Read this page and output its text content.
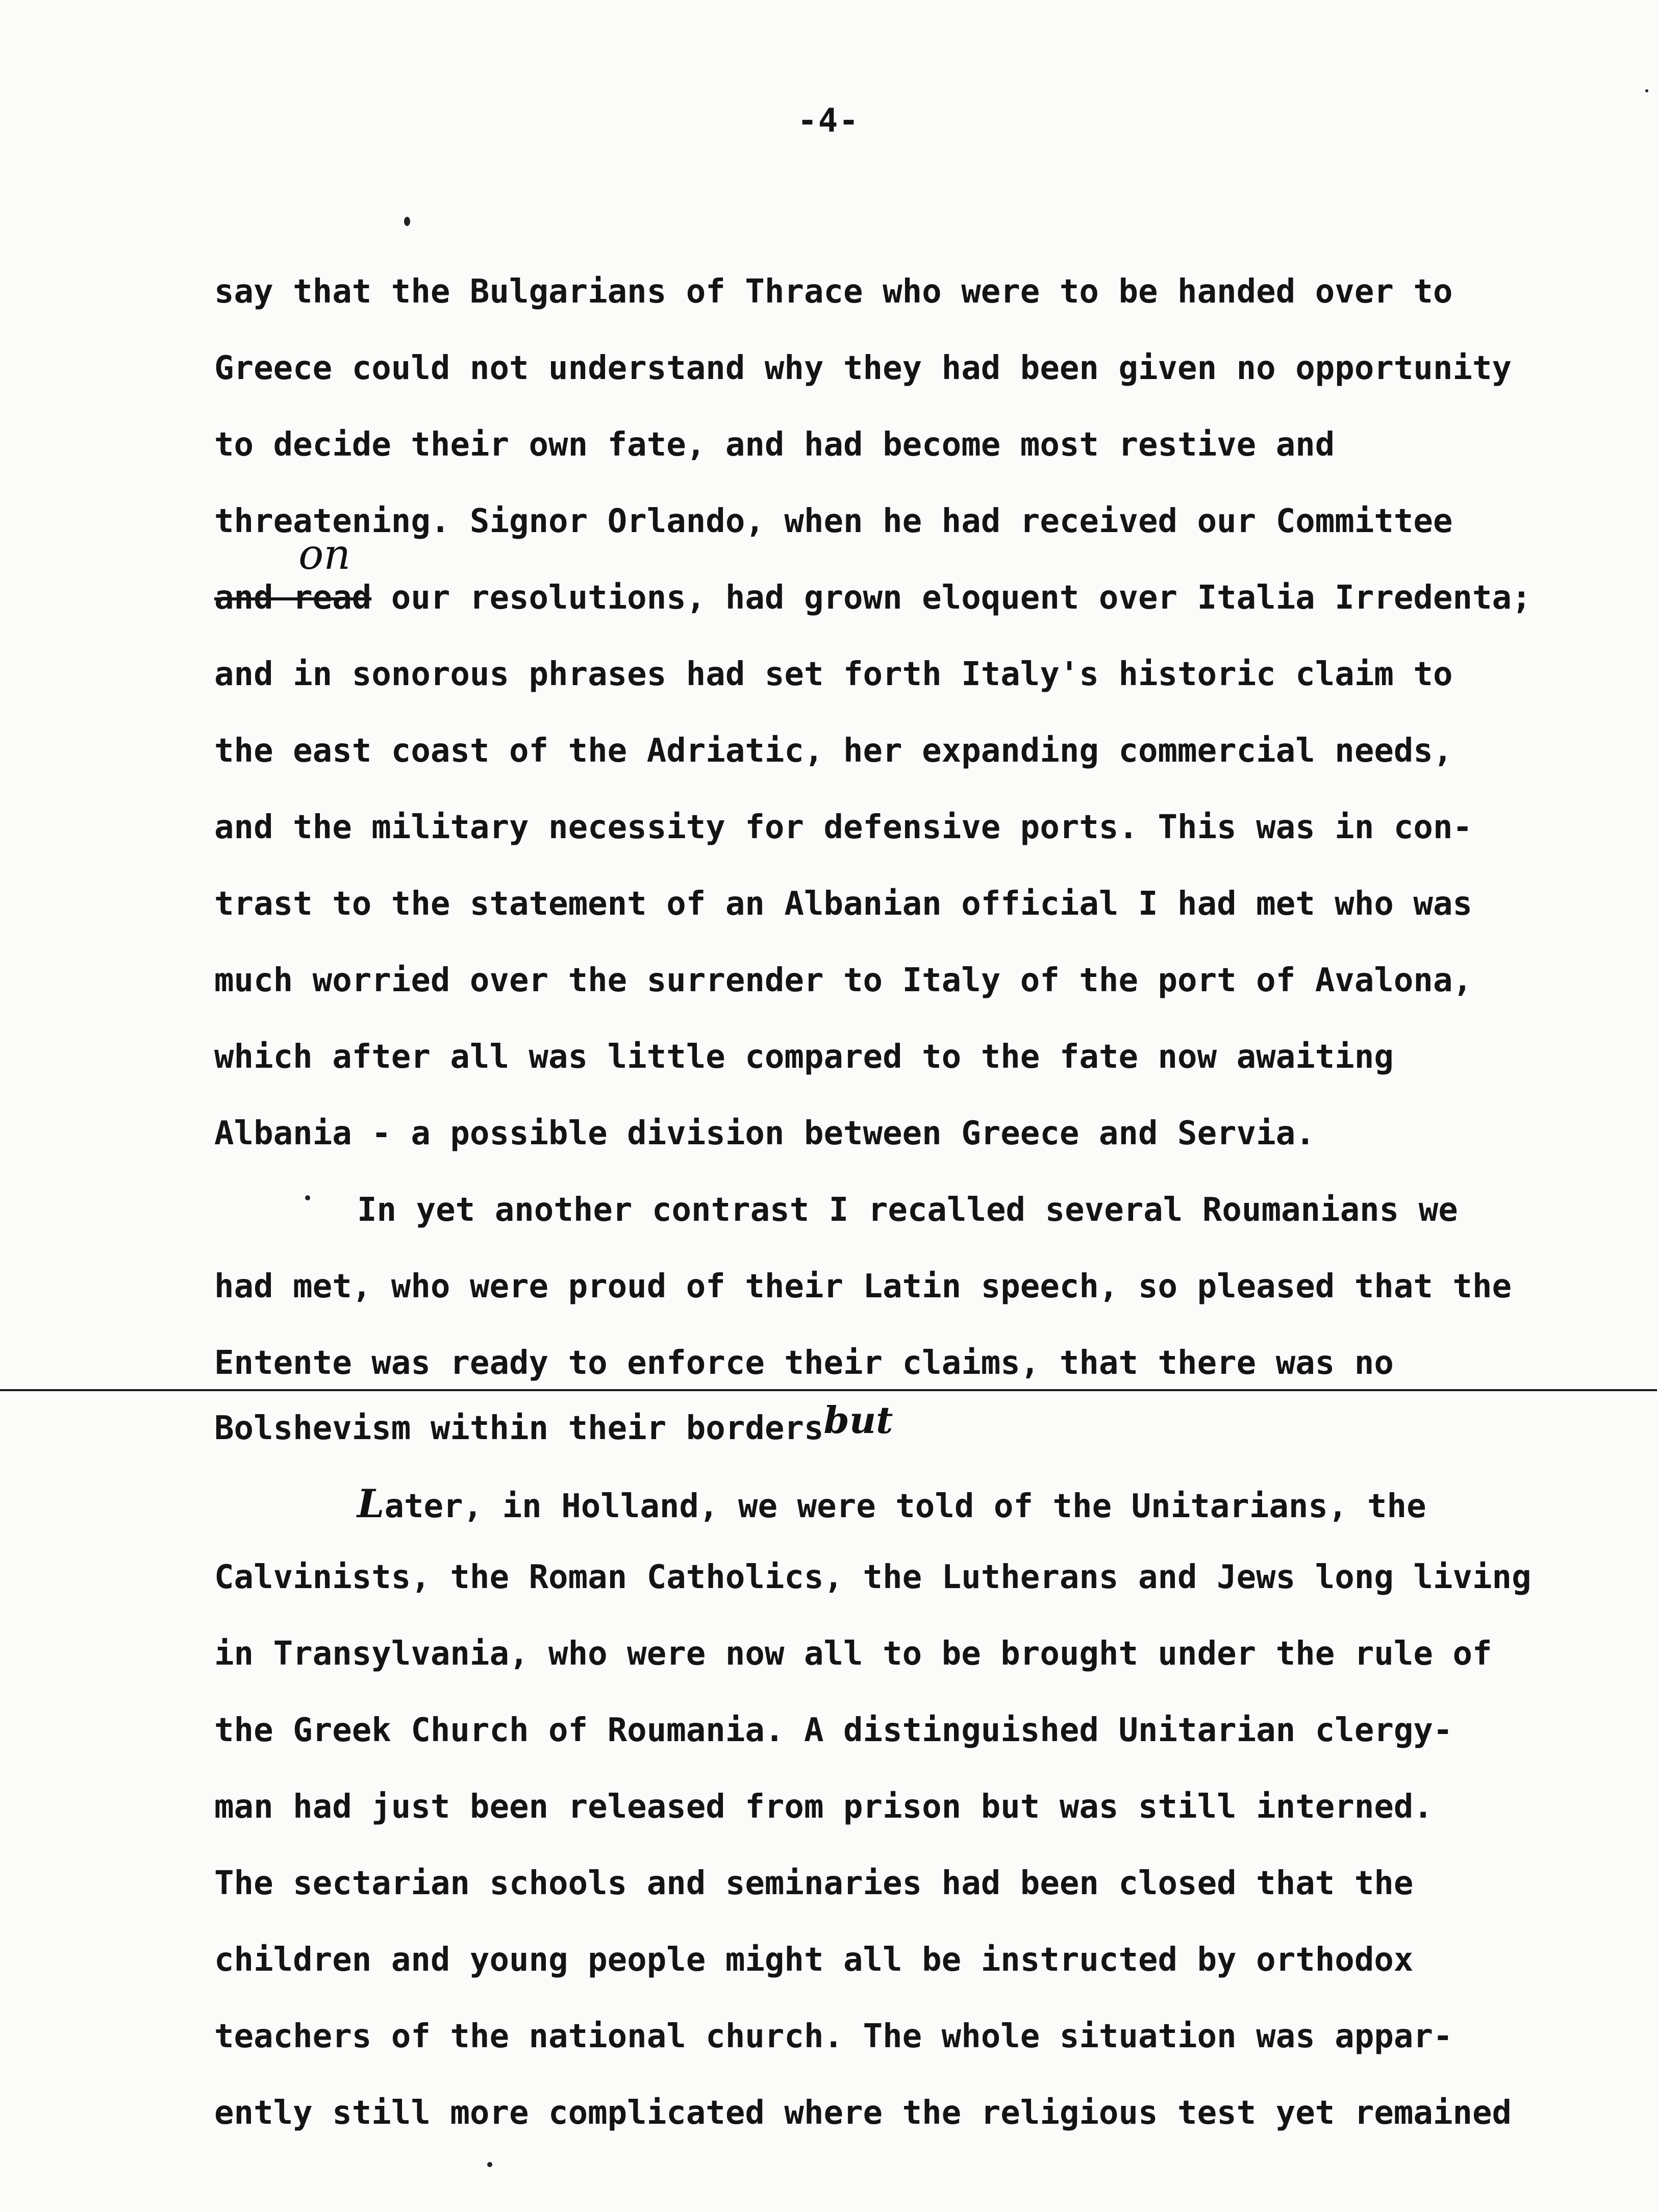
-4-
say that the Bulgarians of Thrace who were to be handed over to
Greece could not understand why they had been given no opportunity
to decide their own fate, and had become most restive and
threatening. Signor Orlando, when he had received our Committee
on
and read our resolutions, had grown eloquent over Italia Irredenta;
and in sonorous phrases had set forth Italy's historic claim to
the east coast of the Adriatic, her expanding commercial needs,
and the military necessity for defensive ports. This was in con-
trast to the statement of an Albanian official I had met who was
much worried over the surrender to Italy of the port of Avalona,
which after all was little compared to the fate now awaiting
Albania - a possible division between Greece and Servia.
In yet another contrast I recalled several Roumanians we
had met, who were proud of their Latin speech, so pleased that the
Entente was ready to enforce their claims, that there was no
Bolshevism within their bordersbut
Later, in Holland, we were told of the Unitarians, the
Calvinists, the Roman Catholics, the Lutherans and Jews long living
in Transylvania, who were now all to be brought under the rule of
the Greek Church of Roumania. A distinguished Unitarian clergy-
man had just been released from prison but was still interned.
The sectarian schools and seminaries had been closed that the
children and young people might all be instructed by orthodox
teachers of the national church. The whole situation was appar-
ently still more complicated where the religious test yet remained
